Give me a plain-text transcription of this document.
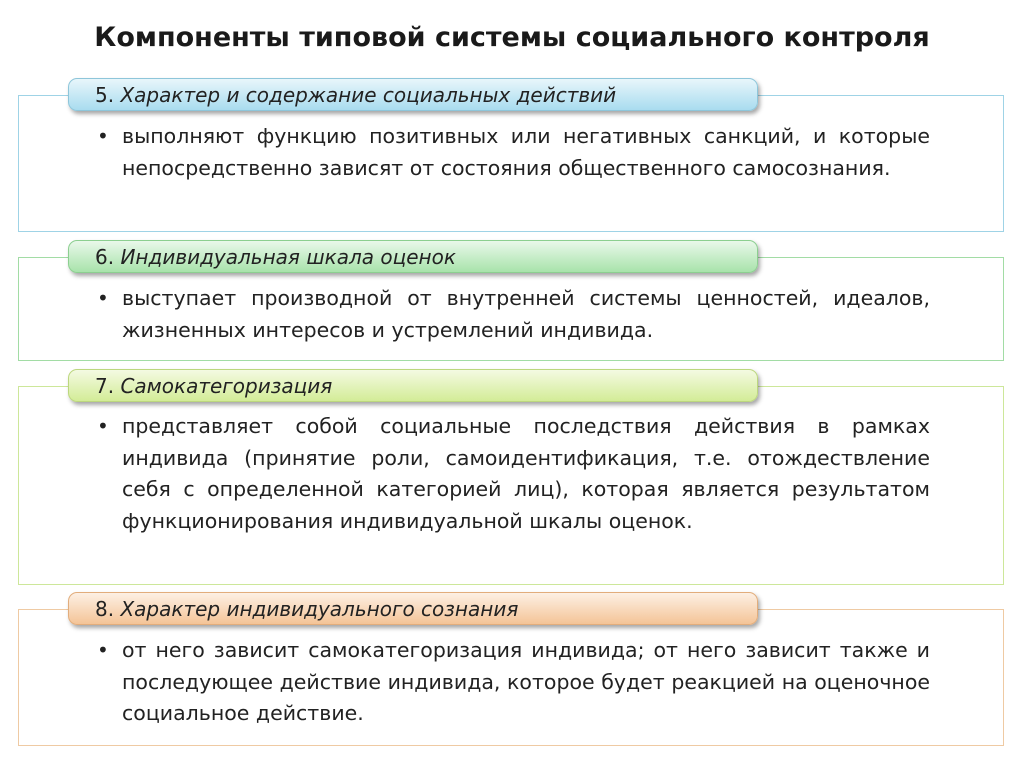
Компоненты типовой системы социального контроля
5.
Характер и содержание социальных действий
• выполняют функцию позитивных или негативных санкций, и которые непосредственно зависят от состояния общественного самосознания.
6.
Индивидуальная шкала оценок
• выступает производной от внутренней системы ценностей, идеалов, жизненных интересов и устремлений индивида.
7.
Самокатегоризация
• представляет собой социальные последствия действия в рамках индивида (принятие роли, самоидентификация, т.е. отождествление себя с определенной категорией лиц), которая является результатом функционирования индивидуальной шкалы оценок.
8.
Характер индивидуального сознания
• от него зависит самокатегоризация индивида; от него зависит также и последующее действие индивида, которое будет реакцией на оценочное социальное действие.
